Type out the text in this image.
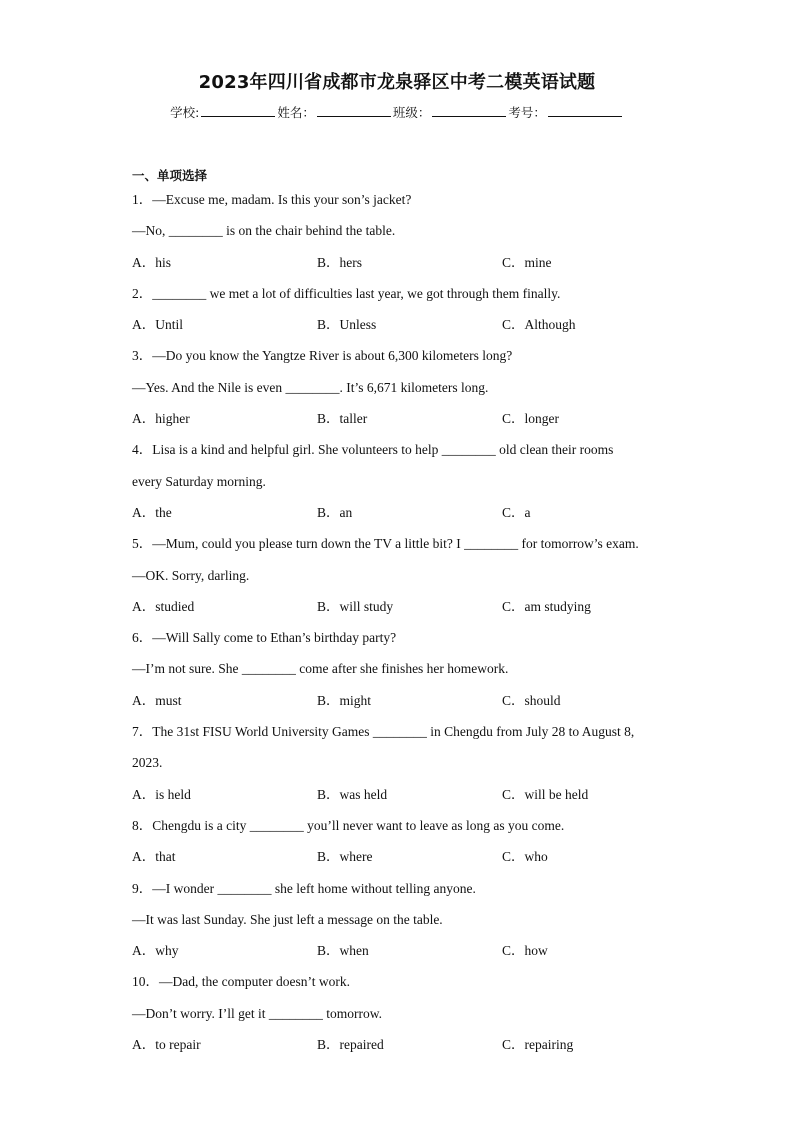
2023年四川省成都市龙泉驿区中考二模英语试题
学校:	姓名：	班级：	考号：
一、单项选择
1．—Excuse me, madam. Is this your son’s jacket?
—No, ________ is on the chair behind the table.
A．his	B．hers	C．mine
2．________ we met a lot of difficulties last year, we got through them finally.
A．Until	B．Unless	C．Although
3．—Do you know the Yangtze River is about 6,300 kilometers long?
—Yes. And the Nile is even ________. It’s 6,671 kilometers long.
A．higher	B．taller	C．longer
4．Lisa is a kind and helpful girl. She volunteers to help ________ old clean their rooms
every Saturday morning.
A．the	B．an	C．a
5．—Mum, could you please turn down the TV a little bit? I ________ for tomorrow’s exam.
—OK. Sorry, darling.
A．studied	B．will study	C．am studying
6．—Will Sally come to Ethan’s birthday party?
—I’m not sure. She ________ come after she finishes her homework.
A．must	B．might	C．should
7．The 31st FISU World University Games ________ in Chengdu from July 28 to August 8,
2023.
A．is held	B．was held	C．will be held
8．Chengdu is a city ________ you’ll never want to leave as long as you come.
A．that	B．where	C．who
9．—I wonder ________ she left home without telling anyone.
—It was last Sunday. She just left a message on the table.
A．why	B．when	C．how
10．—Dad, the computer doesn’t work.
—Don’t worry. I’ll get it ________ tomorrow.
A．to repair	B．repaired	C．repairing
